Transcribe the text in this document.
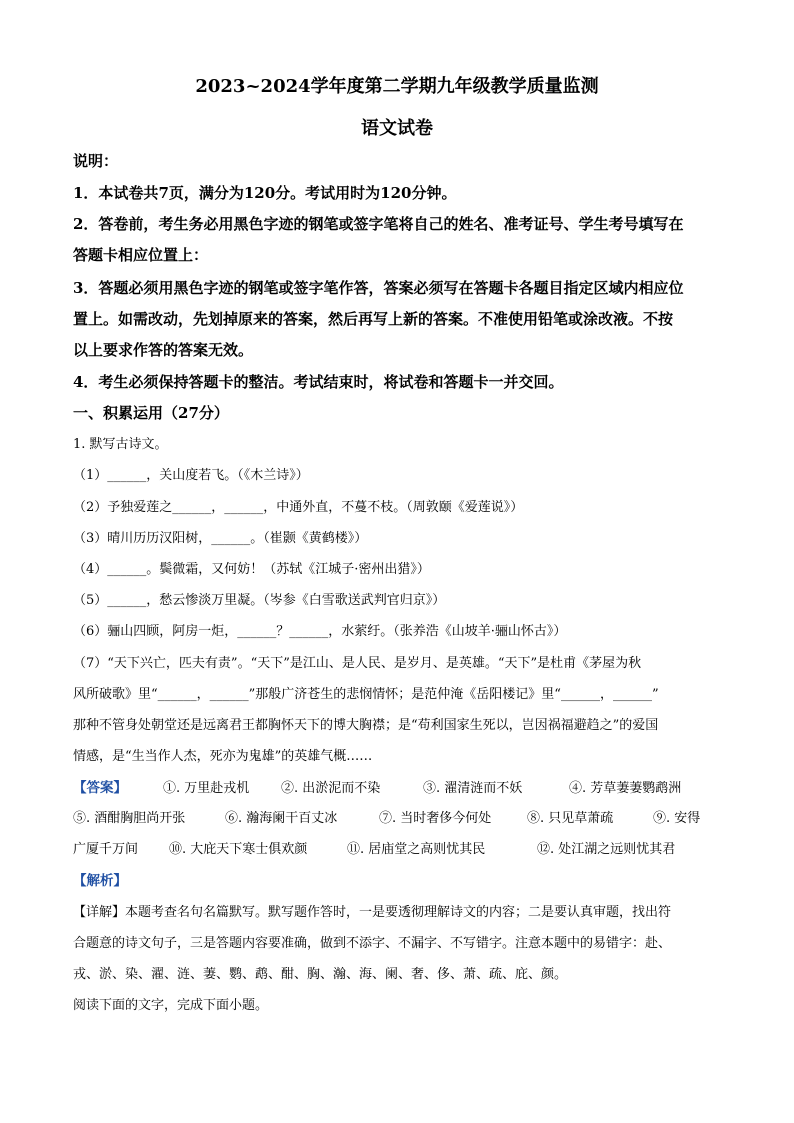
2023~2024学年度第二学期九年级教学质量监测
语文试卷
说明：
1．本试卷共7页，满分为120分。考试用时为120分钟。
2．答卷前，考生务必用黑色字迹的钢笔或签字笔将自己的姓名、准考证号、学生考号填写在
答题卡相应位置上：
3．答题必须用黑色字迹的钢笔或签字笔作答，答案必须写在答题卡各题目指定区域内相应位
置上。如需改动，先划掉原来的答案，然后再写上新的答案。不准使用铅笔或涂改液。不按
以上要求作答的答案无效。
4．考生必须保持答题卡的整洁。考试结束时，将试卷和答题卡一并交回。
一、积累运用（27分）
1. 默写古诗文。
（1）______，关山度若飞。（《木兰诗》）
（2）予独爱莲之______，______，中通外直，不蔓不枝。（周敦颐《爱莲说》）
（3）晴川历历汉阳树，______。（崔颢《黄鹤楼》）
（4）______。鬓微霜，又何妨！（苏轼《江城子·密州出猎》）
（5）______，愁云惨淡万里凝。（岑参《白雪歌送武判官归京》）
（6）骊山四顾，阿房一炬，______？______，水萦纡。（张养浩《山坡羊·骊山怀古》）
（7）“天下兴亡，匹夫有责”。“天下”是江山、是人民、是岁月、是英雄。“天下”是杜甫《茅屋为秋
风所破歌》里“______，______”那般广济苍生的悲悯情怀；是范仲淹《岳阳楼记》里“______，______”
那种不管身处朝堂还是远离君王都胸怀天下的博大胸襟；是“苟利国家生死以，岂因祸福避趋之”的爱国
情感，是“生当作人杰，死亦为鬼雄”的英雄气概……
【答案】	①. 万里赴戎机 ②. 出淤泥而不染	③. 濯清涟而不妖	④. 芳草萋萋鹦鹉洲
⑤. 酒酣胸胆尚开张	⑥. 瀚海阑干百丈冰	⑦. 当时奢侈今何处	⑧. 只见草萧疏	⑨. 安得
广厦千万间 ⑩. 大庇天下寒士俱欢颜	⑪. 居庙堂之高则忧其民	⑫. 处江湖之远则忧其君
【解析】
【详解】本题考查名句名篇默写。默写题作答时，一是要透彻理解诗文的内容；二是要认真审题，找出符
合题意的诗文句子，三是答题内容要准确，做到不添字、不漏字、不写错字。注意本题中的易错字：赴、
戎、淤、染、濯、涟、萋、鹦、鹉、酣、胸、瀚、海、阑、奢、侈、萧、疏、庇、颜。
阅读下面的文字，完成下面小题。
